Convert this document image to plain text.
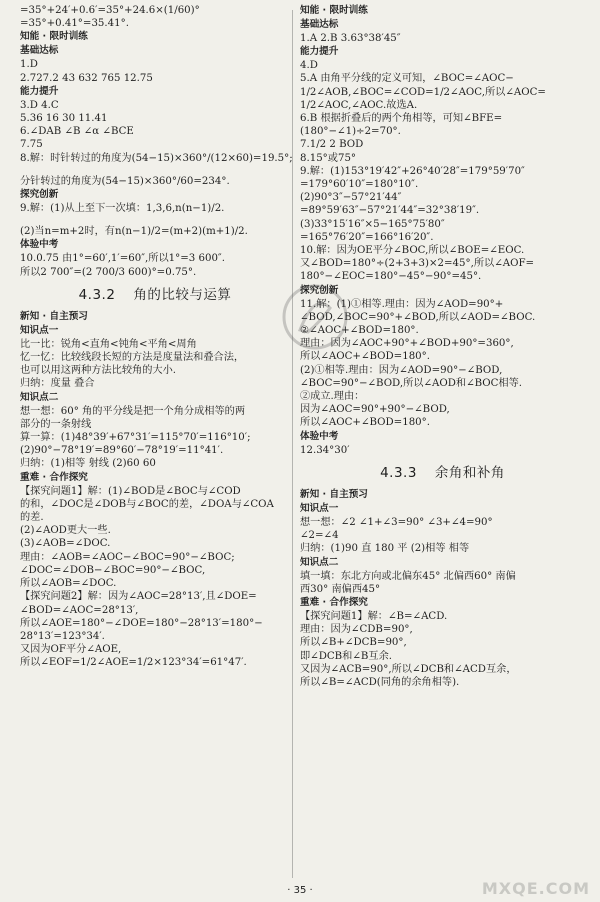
=35°+24′+0.6′=35°+24.6×(1/60)°
=35°+0.41°=35.41°.
知能 · 限时训练
基础达标
1.D
2.727.2 43 632 765 12.75
能力提升
3.D 4.C
5.36 16 30 11.41
6.∠DAB ∠B ∠α ∠BCE
7.75
8.解：时针转过的角度为(54−15)×360°/(12×60)=19.5°;
分针转过的角度为(54−15)×360°/60=234°.
探究创新
9.解：(1)从上至下一次填：1,3,6,n(n−1)/2.
(2)当n=m+2时，有n(n−1)/2=(m+2)(m+1)/2.
体验中考
10.0.75 由1°=60′,1′=60″,所以1°=3 600″.
所以2 700″=(2 700/3 600)°=0.75°.
4.3.2 角的比较与运算
新知 · 自主预习
知识点一
比一比：锐角<直角<钝角<平角<周角
忆一忆：比较线段长短的方法是度量法和叠合法，
也可以用这两种方法比较角的大小.
归纳：度量 叠合
知识点二
想一想：60° 角的平分线是把一个角分成相等的两
部分的一条射线
算一算：(1)48°39′+67°31′=115°70′=116°10′;
(2)90°−78°19′=89°60′−78°19′=11°41′.
归纳：(1)相等 射线 (2)60 60
重难 · 合作探究
【探究问题1】解：(1)∠BOD是∠BOC与∠COD
的和，∠DOC是∠DOB与∠BOC的差，∠DOA与∠COA
的差.
(2)∠AOD更大一些.
(3)∠AOB=∠DOC.
理由：∠AOB=∠AOC−∠BOC=90°−∠BOC;
∠DOC=∠DOB−∠BOC=90°−∠BOC,
所以∠AOB=∠DOC.
【探究问题2】解：因为∠AOC=28°13′,且∠DOE=
∠BOD=∠AOC=28°13′,
所以∠AOE=180°−∠DOE=180°−28°13′=180°−
28°13′=123°34′.
又因为OF平分∠AOE,
所以∠EOF=1/2∠AOE=1/2×123°34′=61°47′.
知能 · 限时训练
基础达标
1.A 2.B 3.63°38′45″
能力提升
4.D
5.A 由角平分线的定义可知，∠BOC=∠AOC−
1/2∠AOB,∠BOC=∠COD=1/2∠AOC,所以∠AOC=
1/2∠AOC,∠AOC.故选A.
6.B 根据折叠后的两个角相等，可知∠BFE=
(180°−∠1)÷2=70°.
7.1/2 2 BOD
8.15°或75°
9.解：(1)153°19′42″+26°40′28″=179°59′70″
=179°60′10″=180°10″.
(2)90°3″−57°21′44″
=89°59′63″−57°21′44″=32°38′19″.
(3)33°15′16″×5−165°75′80″
=165°76′20″=166°16′20″.
10.解：因为OE平分∠BOC,所以∠BOE=∠EOC.
又∠BOD=180°÷(2+3+3)×2=45°,所以∠AOF=
180°−∠EOC=180°−45°−90°=45°.
探究创新
11.解：(1)①相等.理由：因为∠AOD=90°+
∠BOD,∠BOC=90°+∠BOD,所以∠AOD=∠BOC.
②∠AOC+∠BOD=180°.
理由：因为∠AOC+90°+∠BOD+90°=360°,
所以∠AOC+∠BOD=180°.
(2)①相等.理由：因为∠AOD=90°−∠BOD,
∠BOC=90°−∠BOD,所以∠AOD和∠BOC相等.
②成立.理由：
因为∠AOC=90°+90°−∠BOD,
所以∠AOC+∠BOD=180°.
体验中考
12.34°30′
4.3.3 余角和补角
新知 · 自主预习
知识点一
想一想：∠2 ∠1+∠3=90° ∠3+∠4=90°
∠2=∠4
归纳：(1)90 直 180 平 (2)相等 相等
知识点二
填一填：东北方向或北偏东45° 北偏西60° 南偏
西30° 南偏西45°
重难 · 合作探究
【探究问题1】解：∠B=∠ACD.
理由：因为∠CDB=90°,
所以∠B+∠DCB=90°,
即∠DCB和∠B互余.
又因为∠ACB=90°,所以∠DCB和∠ACD互余，
所以∠B=∠ACD(同角的余角相等).
· 35 ·	MXQE.COM
